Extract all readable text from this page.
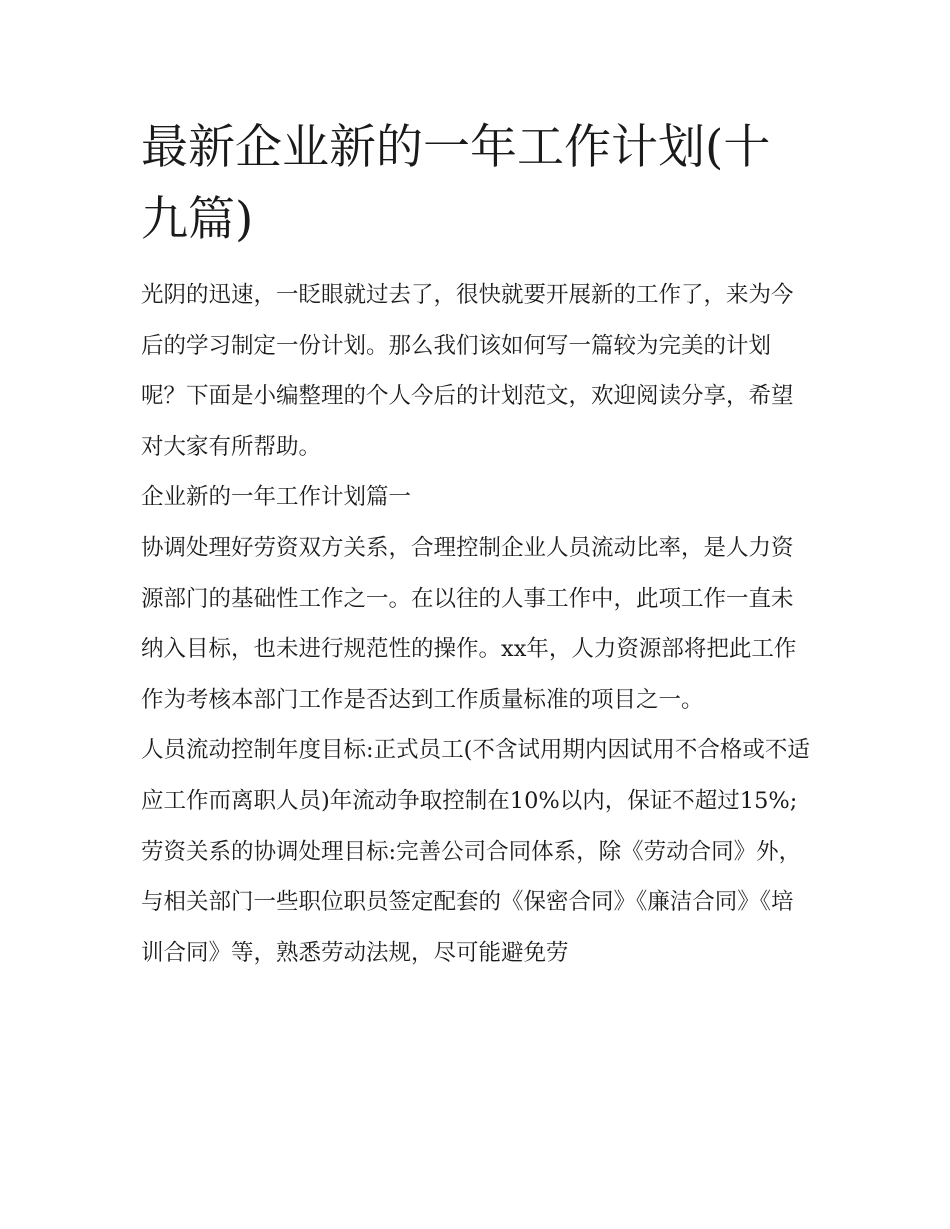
最新企业新的一年工作计划(十九篇)

光阴的迅速，一眨眼就过去了，很快就要开展新的工作了，来为今后的学习制定一份计划。那么我们该如何写一篇较为完美的计划呢？下面是小编整理的个人今后的计划范文，欢迎阅读分享，希望对大家有所帮助。

企业新的一年工作计划篇一

协调处理好劳资双方关系，合理控制企业人员流动比率，是人力资源部门的基础性工作之一。在以往的人事工作中，此项工作一直未纳入目标，也未进行规范性的操作。xx年，人力资源部将把此工作作为考核本部门工作是否达到工作质量标准的项目之一。

人员流动控制年度目标:正式员工(不含试用期内因试用不合格或不适应工作而离职人员)年流动争取控制在10%以内，保证不超过15%;

劳资关系的协调处理目标:完善公司合同体系，除《劳动合同》外，与相关部门一些职位职员签定配套的《保密合同》《廉洁合同》《培训合同》等，熟悉劳动法规，尽可能避免劳
